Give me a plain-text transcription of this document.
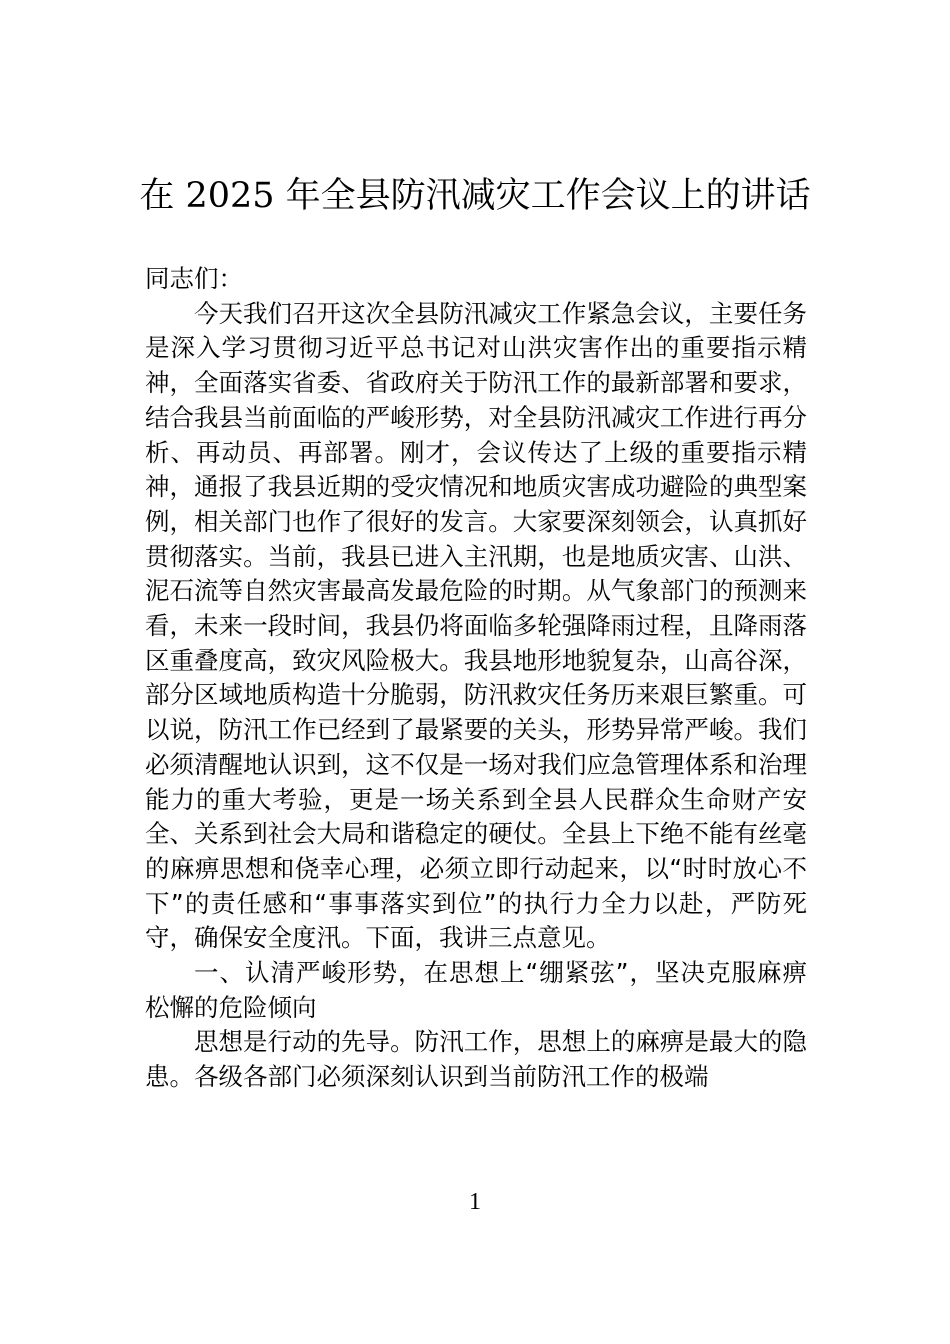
在 2025 年全县防汛减灾工作会议上的讲话

同志们：

今天我们召开这次全县防汛减灾工作紧急会议，主要任务是深入学习贯彻习近平总书记对山洪灾害作出的重要指示精神，全面落实省委、省政府关于防汛工作的最新部署和要求，结合我县当前面临的严峻形势，对全县防汛减灾工作进行再分析、再动员、再部署。刚才，会议传达了上级的重要指示精神，通报了我县近期的受灾情况和地质灾害成功避险的典型案例，相关部门也作了很好的发言。大家要深刻领会，认真抓好贯彻落实。当前，我县已进入主汛期，也是地质灾害、山洪、泥石流等自然灾害最高发最危险的时期。从气象部门的预测来看，未来一段时间，我县仍将面临多轮强降雨过程，且降雨落区重叠度高，致灾风险极大。我县地形地貌复杂，山高谷深，部分区域地质构造十分脆弱，防汛救灾任务历来艰巨繁重。可以说，防汛工作已经到了最紧要的关头，形势异常严峻。我们必须清醒地认识到，这不仅是一场对我们应急管理体系和治理能力的重大考验，更是一场关系到全县人民群众生命财产安全、关系到社会大局和谐稳定的硬仗。全县上下绝不能有丝毫的麻痹思想和侥幸心理，必须立即行动起来，以“时时放心不下”的责任感和“事事落实到位”的执行力全力以赴，严防死守，确保安全度汛。下面，我讲三点意见。

一、认清严峻形势，在思想上“绷紧弦”，坚决克服麻痹松懈的危险倾向

思想是行动的先导。防汛工作，思想上的麻痹是最大的隐患。各级各部门必须深刻认识到当前防汛工作的极端

1
